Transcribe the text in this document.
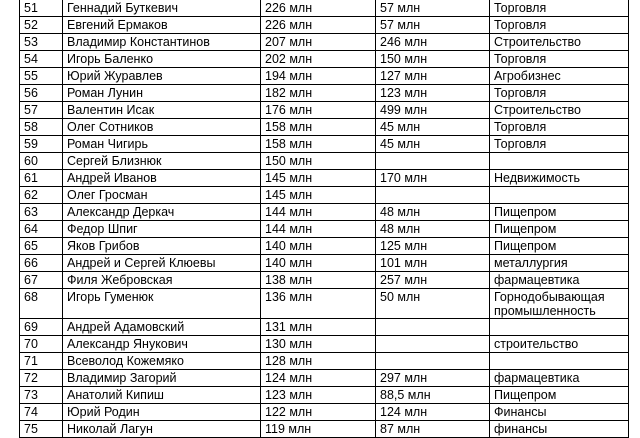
51	Геннадий Буткевич	226 млн	57 млн	Торговля
52	Евгений Ермаков	226 млн	57 млн	Торговля
53	Владимир Константинов	207 млн	246 млн	Строительство
54	Игорь Баленко	202 млн	150 млн	Торговля
55	Юрий Журавлев	194 млн	127 млн	Агробизнес
56	Роман Лунин	182 млн	123 млн	Торговля
57	Валентин Исак	176 млн	499 млн	Строительство
58	Олег Сотников	158 млн	45 млн	Торговля
59	Роман Чигирь	158 млн	45 млн	Торговля
60	Сергей Близнюк	150 млн		
61	Андрей Иванов	145 млн	170 млн	Недвижимость
62	Олег Гросман	145 млн		
63	Александр Деркач	144 млн	48 млн	Пищепром
64	Федор Шпиг	144 млн	48 млн	Пищепром
65	Яков Грибов	140 млн	125 млн	Пищепром
66	Андрей и Сергей Клюевы	140 млн	101 млн	металлургия
67	Филя Жебровская	138 млн	257 млн	фармацевтика
68	Игорь Гуменюк	136 млн	50 млн	Горнодобывающая промышленность
69	Андрей Адамовский	131 млн		
70	Александр Янукович	130 млн		строительство
71	Всеволод Кожемяко	128 млн		
72	Владимир Загорий	124 млн	297 млн	фармацевтика
73	Анатолий Кипиш	123 млн	88,5 млн	Пищепром
74	Юрий Родин	122 млн	124 млн	Финансы
75	Николай Лагун	119 млн	87 млн	финансы
